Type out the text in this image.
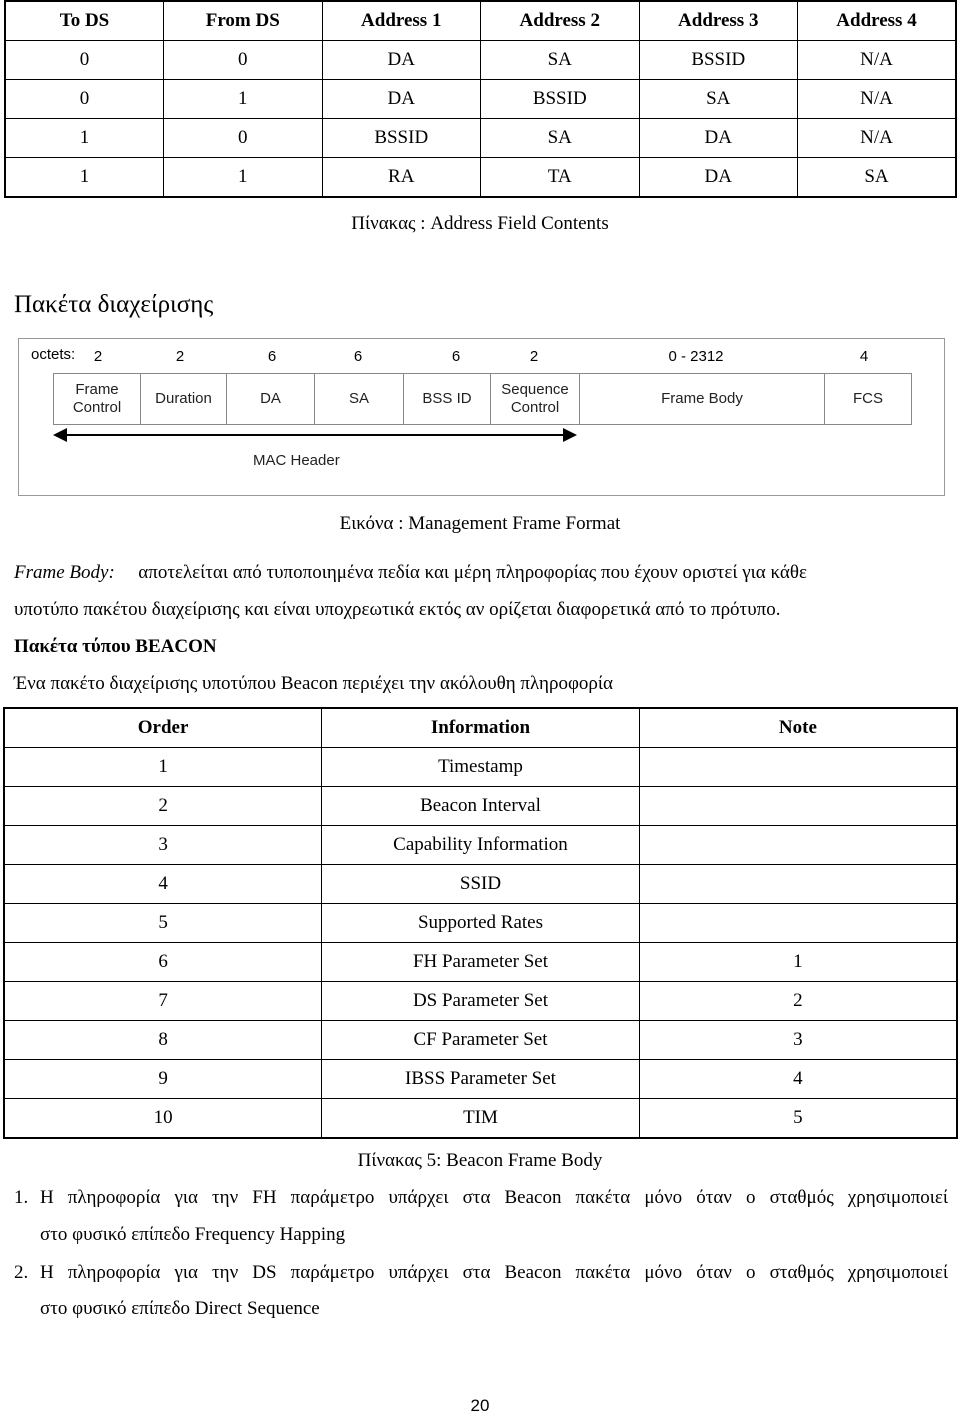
To DS	From DS	Address 1	Address 2	Address 3	Address 4
0	0	DA	SA	BSSID	N/A
0	1	DA	BSSID	SA	N/A
1	0	BSSID	SA	DA	N/A
1	1	RA	TA	DA	SA
Πίνακας : Address Field Contents
Πακέτα διαχείρισης
octets: 2	2	6	6	6	2	0 - 2312	4
Frame
Control
Duration	DA	SA	BSS ID
Sequence
Control
Frame Body	FCS
MAC Header
Εικόνα : Management Frame Format
Frame Body: αποτελείται από τυποποιημένα πεδία και μέρη πληροφορίας που έχουν οριστεί για κάθε
υποτύπο πακέτου διαχείρισης και είναι υποχρεωτικά εκτός αν ορίζεται διαφορετικά από το πρότυπο.
Πακέτα τύπου BEACON
Ένα πακέτο διαχείρισης υποτύπου Beacon περιέχει την ακόλουθη πληροφορία
Order	Information	Note
1	Timestamp	
2	Beacon Interval	
3	Capability Information	
4	SSID	
5	Supported Rates	
6	FH Parameter Set	1
7	DS Parameter Set	2
8	CF Parameter Set	3
9	IBSS Parameter Set	4
10	TIM	5
Πίνακας 5: Beacon Frame Body
1. Η πληροφορία για την FH παράμετρο υπάρχει στα Beacon πακέτα μόνο όταν ο σταθμός χρησιμοποιεί
στο φυσικό επίπεδο Frequency Happing
2. Η πληροφορία για την DS παράμετρο υπάρχει στα Beacon πακέτα μόνο όταν ο σταθμός χρησιμοποιεί
στο φυσικό επίπεδο Direct Sequence
20
